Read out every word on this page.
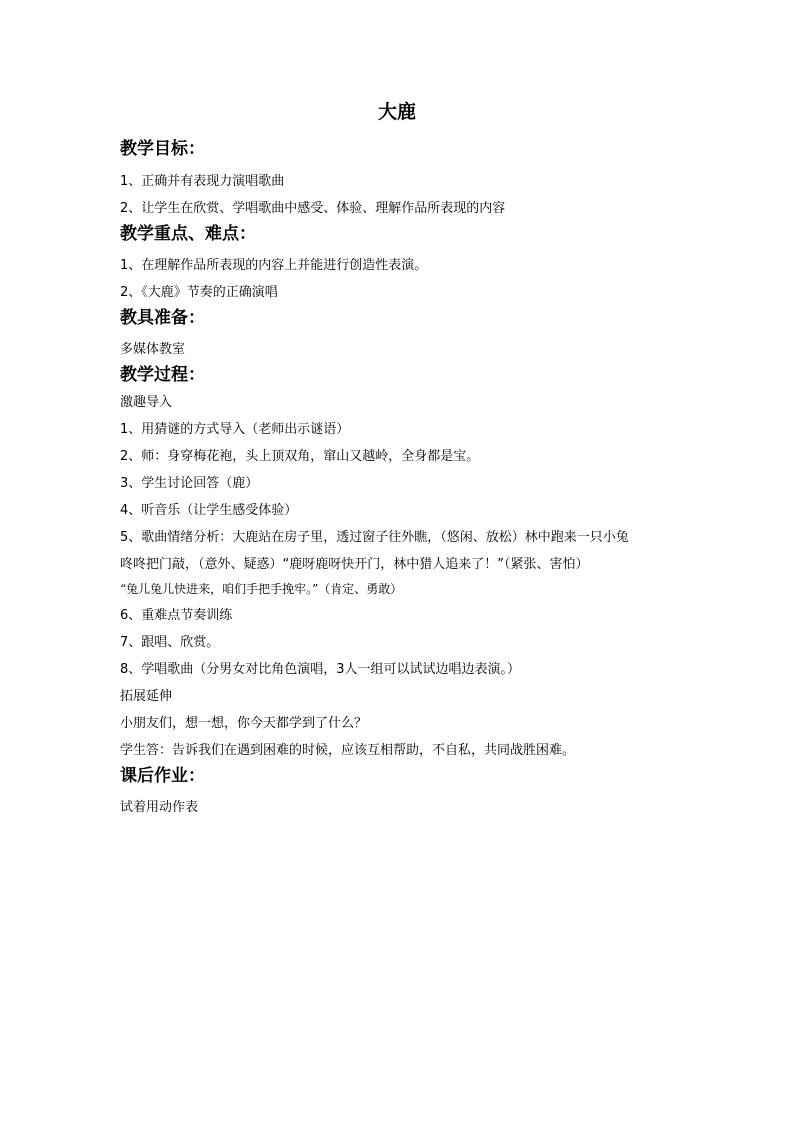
大鹿
教学目标：
1、正确并有表现力演唱歌曲
2、让学生在欣赏、学唱歌曲中感受、体验、理解作品所表现的内容
教学重点、难点：
1、在理解作品所表现的内容上并能进行创造性表演。
2、《大鹿》节奏的正确演唱
教具准备：
多媒体教室
教学过程：
激趣导入
1、用猜谜的方式导入（老师出示谜语）
2、师：身穿梅花袍，头上顶双角，窜山又越岭，全身都是宝。
3、学生讨论回答（鹿）
4、听音乐（让学生感受体验）
5、歌曲情绪分析：大鹿站在房子里，透过窗子往外瞧，（悠闲、放松）林中跑来一只小兔
咚咚把门敲，（意外、疑惑）“鹿呀鹿呀快开门，林中猎人追来了！”（紧张、害怕）
“兔儿兔儿快进来，咱们手把手挽牢。”（肯定、勇敢）
6、重难点节奏训练
7、跟唱、欣赏。
8、学唱歌曲（分男女对比角色演唱，3人一组可以试试边唱边表演。）
拓展延伸
小朋友们，想一想，你今天都学到了什么？
学生答：告诉我们在遇到困难的时候，应该互相帮助，不自私，共同战胜困难。
课后作业：
试着用动作表
